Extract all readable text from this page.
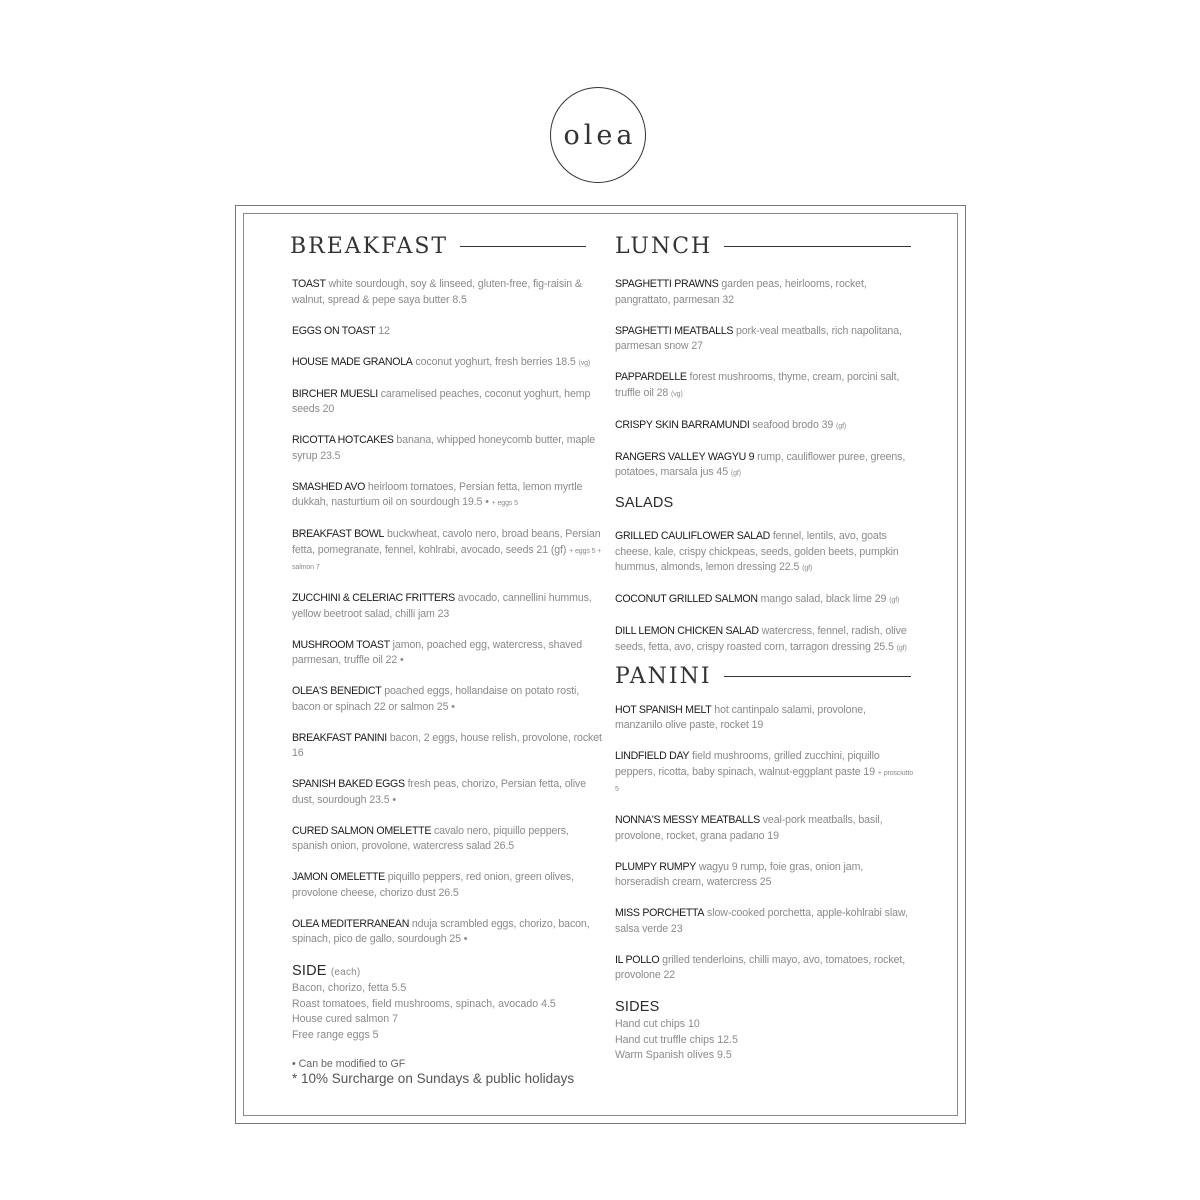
olea
BREAKFAST
TOAST white sourdough, soy & linseed, gluten-free, fig-raisin & walnut, spread & pepe saya butter 8.5
EGGS ON TOAST 12
HOUSE MADE GRANOLA coconut yoghurt, fresh berries 18.5 (vg)
BIRCHER MUESLI caramelised peaches, coconut yoghurt, hemp seeds 20
RICOTTA HOTCAKES banana, whipped honeycomb butter, maple syrup 23.5
SMASHED AVO heirloom tomatoes, Persian fetta, lemon myrtle dukkah, nasturtium oil on sourdough 19.5 • + eggs 5
BREAKFAST BOWL buckwheat, cavolo nero, broad beans, Persian fetta, pomegranate, fennel, kohlrabi, avocado, seeds 21 (gf) + eggs 5 + salmon 7
ZUCCHINI & CELERIAC FRITTERS avocado, cannellini hummus, yellow beetroot salad, chilli jam 23
MUSHROOM TOAST jamon, poached egg, watercress, shaved parmesan, truffle oil 22 •
OLEA'S BENEDICT poached eggs, hollandaise on potato rosti, bacon or spinach 22 or salmon 25 •
BREAKFAST PANINI bacon, 2 eggs, house relish, provolone, rocket 16
SPANISH BAKED EGGS fresh peas, chorizo, Persian fetta, olive dust, sourdough 23.5 •
CURED SALMON OMELETTE cavalo nero, piquillo peppers, spanish onion, provolone, watercress salad 26.5
JAMON OMELETTE piquillo peppers, red onion, green olives, provolone cheese, chorizo dust 26.5
OLEA MEDITERRANEAN nduja scrambled eggs, chorizo, bacon, spinach, pico de gallo, sourdough 25 •
SIDE (each)
Bacon, chorizo, fetta 5.5
Roast tomatoes, field mushrooms, spinach, avocado 4.5
House cured salmon 7
Free range eggs 5
• Can be modified to GF
* 10% Surcharge on Sundays & public holidays
LUNCH
SPAGHETTI PRAWNS garden peas, heirlooms, rocket, pangrattato, parmesan 32
SPAGHETTI MEATBALLS pork-veal meatballs, rich napolitana, parmesan snow 27
PAPPARDELLE forest mushrooms, thyme, cream, porcini salt, truffle oil 28 (vg)
CRISPY SKIN BARRAMUNDI seafood brodo 39 (gf)
RANGERS VALLEY WAGYU 9 rump, cauliflower puree, greens, potatoes, marsala jus 45 (gf)
SALADS
GRILLED CAULIFLOWER SALAD fennel, lentils, avo, goats cheese, kale, crispy chickpeas, seeds, golden beets, pumpkin hummus, almonds, lemon dressing 22.5 (gf)
COCONUT GRILLED SALMON mango salad, black lime 29 (gf)
DILL LEMON CHICKEN SALAD watercress, fennel, radish, olive seeds, fetta, avo, crispy roasted corn, tarragon dressing 25.5 (gf)
PANINI
HOT SPANISH MELT hot cantinpalo salami, provolone, manzanilo olive paste, rocket 19
LINDFIELD DAY field mushrooms, grilled zucchini, piquillo peppers, ricotta, baby spinach, walnut-eggplant paste 19 + prosciutto 5
NONNA'S MESSY MEATBALLS veal-pork meatballs, basil, provolone, rocket, grana padano 19
PLUMPY RUMPY wagyu 9 rump, foie gras, onion jam, horseradish cream, watercress 25
MISS PORCHETTA slow-cooked porchetta, apple-kohlrabi slaw, salsa verde 23
IL POLLO grilled tenderloins, chilli mayo, avo, tomatoes, rocket, provolone 22
SIDES
Hand cut chips 10
Hand cut truffle chips 12.5
Warm Spanish olives 9.5
